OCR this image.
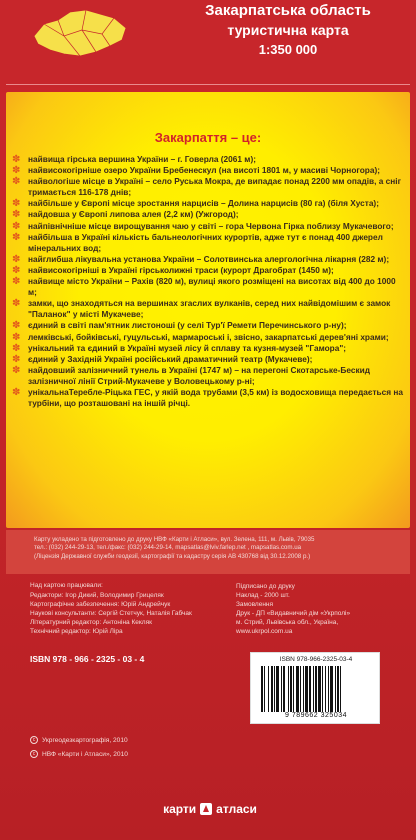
Закарпатська область
туристична карта
1:350 000
Закарпаття – це:
✽ найвища гірська вершина України – г. Говерла (2061 м);
✽ найвисокогірніше озеро України Бребенескул (на висоті 1801 м, у масиві Чорногора);
✽ найвологіше місце в Україні – село Руська Мокра, де випадає понад 2200 мм опадів, а сніг тримається 116-178 днів;
✽ найбільше у Європі місце зростання нарцисів – Долина нарцисів (80 га) (біля Хуста);
✽ найдовша у Європі липова алея (2,2 км) (Ужгород);
✽ найпівнічніше місце вирощування чаю у світі – гора Червона Гірка поблизу Мукачевого;
✽ найбільша в Україні кількість бальнеологічних курортів, адже тут є понад 400 джерел мінеральних вод;
✽ найглибша лікувальна установа України – Солотвинська алергологічна лікарня (282 м);
✽ найвисокогірніші в Україні гірськолижні траси (курорт Драгобрат (1450 м);
✽ найвище місто України – Рахів (820 м), вулиці якого розміщені на висотах від 400 до 1000 м;
✽ замки, що знаходяться на вершинах згаслих вулканів, серед них найвідомішим є замок "Паланок" у місті Мукачеве;
✽ єдиний в світі пам'ятник листоноші (у селі Тур'ї Ремети Перечинського р-ну);
✽ лемківські, бойківські, гуцульські, мармароські і, звісно, закарпатські дерев'яні храми;
✽ унікальний та єдиний в Україні музей лісу й сплаву та кузня-музей "Гамора";
✽ єдиний у Західній Україні російський драматичний театр (Мукачеве);
✽ найдовший залізничний тунель в Україні (1747 м) – на перегоні Скотарське-Бескид залізничної лінії Стрий-Мукачеве у Воловецькому р-ні;
✽ унікальнаТеребле-Ріцька ГЕС, у якій вода трубами (3,5 км) із водосховища передається на турбіни, що розташовані на іншій річці.
Карту укладено та підготовлено до друку НВФ «Карти і Атласи», вул. Зелена, 111, м. Львів, 79035
тел.: (032) 244-29-13, тел./факс: (032) 244-29-14, mapsatlas@lviv.farlep.net , mapsatlas.com.ua
(Ліцензія Державної служби геодезії, картографії та кадастру серія АВ 430768 від 30.12.2008 р.)
Над картою працювали:
Редактори: Ігор Дикий, Володимир Грицеляк
Картографічне забезпечення: Юрій Андрейчук
Наукові консультанти: Сергій Стетчук, Наталія Габчак
Літературний редактор: Антоніна Кекляк
Технічний редактор: Юрій Ліра
Підписано до друку
Наклад - 2000 шт.
Замовлення
Друк - ДП «Видавничий дім «Укрполі»
м. Стрий, Львівська обл., Україна,
www.ukrpol.com.ua
ISBN 978 - 966 - 2325 - 03 - 4	ISBN 978-966-2325-03-4
9 789662 325034
c	Укргеодезкартографія, 2010
c	НВФ «Карти і Атласи», 2010
карти атласи
